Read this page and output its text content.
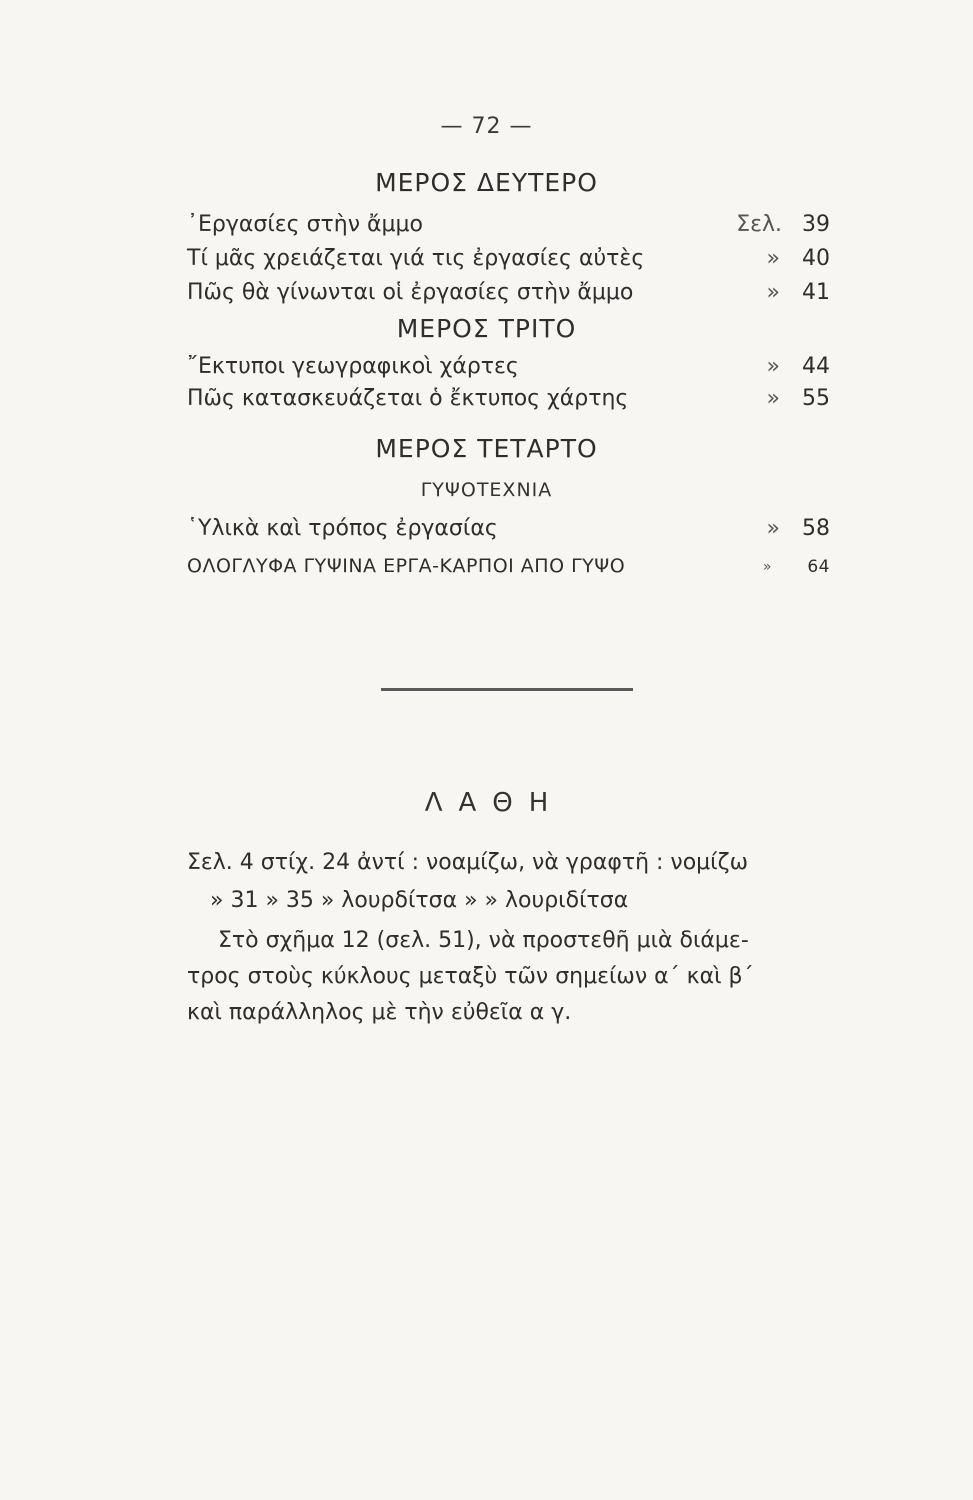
— 72 —
ΜΕΡΟΣ ΔΕΥΤΕΡΟ
᾿Εργασίες στὴν ἄμμο	Σελ. 39
Τί μᾶς χρειάζεται γιά τις ἐργασίες αὐτὲς	» 40
Πῶς θὰ γίνωνται οἱ ἐργασίες στὴν ἄμμο	» 41
ΜΕΡΟΣ ΤΡΙΤΟ
῎Εκτυποι γεωγραφικοὶ χάρτες	» 44
Πῶς κατασκευάζεται ὁ ἔκτυπος χάρτης	» 55
ΜΕΡΟΣ ΤΕΤΑΡΤΟ
ΓΥΨΟΤΕΧΝΙΑ
῾Υλικὰ καὶ τρόπος ἐργασίας	» 58
ΟΛΟΓΛΥΦΑ ΓΥΨΙΝΑ ΕΡΓΑ-ΚΑΡΠΟΙ ΑΠΟ ΓΥΨΟ	» 64
ΛΑΘΗ
Σελ. 4 στίχ. 24 ἀντί : νοαμίζω, νὰ γραφτῆ : νομίζω
» 31 » 35 » λουρδίτσα » » λουριδίτσα
Στὸ σχῆμα 12 (σελ. 51), νὰ προστεθῆ μιὰ διάμε-
τρος στοὺς κύκλους μεταξὺ τῶν σημείων α΄ καὶ β΄
καὶ παράλληλος μὲ τὴν εὐθεῖα α γ.
